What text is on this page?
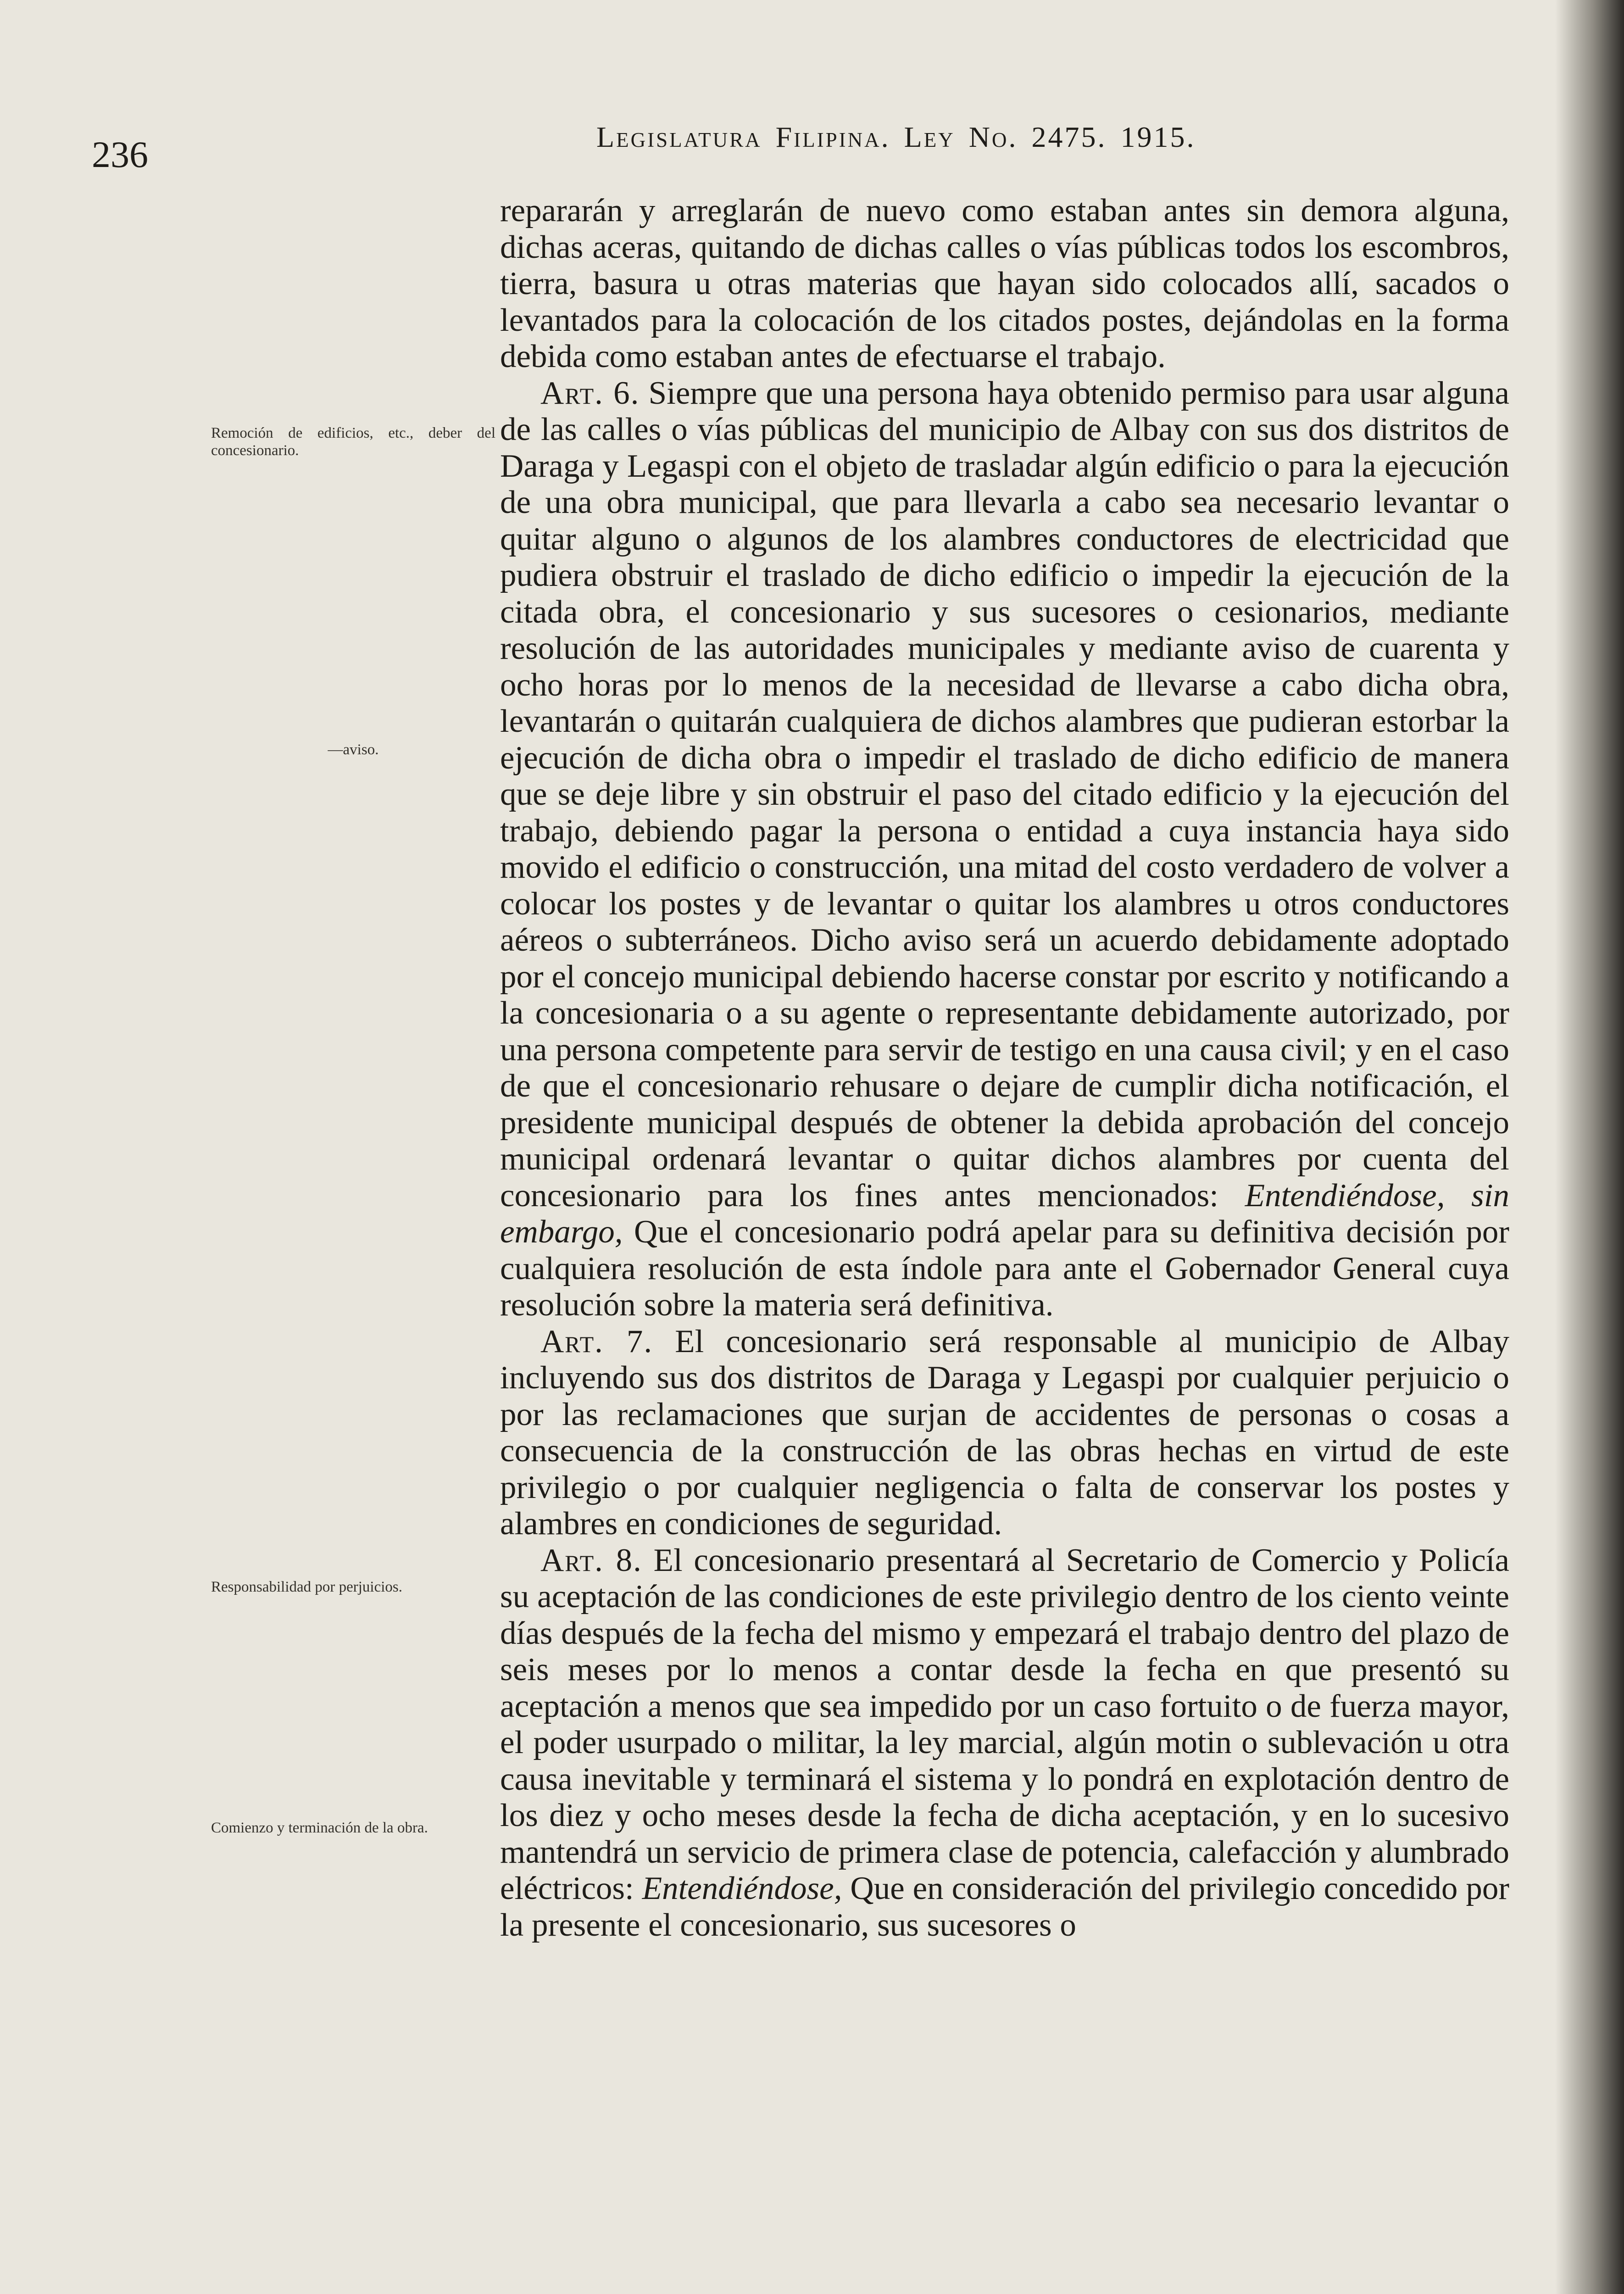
236	Legislatura Filipina. Ley No. 2475. 1915.
Remoción de edificios, etc., deber del concesionario.
—aviso.
Responsabilidad por perjuicios.
Comienzo y terminación de la obra.

repararán y arreglarán de nuevo como estaban antes sin demora alguna, dichas aceras, quitando de dichas calles o vías públicas todos los escombros, tierra, basura u otras materias que hayan sido colocados allí, sacados o levantados para la colocación de los citados postes, dejándolas en la forma debida como estaban antes de efectuarse el trabajo.

Art. 6. Siempre que una persona haya obtenido permiso para usar alguna de las calles o vías públicas del municipio de Albay con sus dos distritos de Daraga y Legaspi con el objeto de trasladar algún edificio o para la ejecución de una obra municipal, que para llevarla a cabo sea necesario levantar o quitar alguno o algunos de los alambres conductores de electricidad que pudiera obstruir el traslado de dicho edificio o impedir la ejecución de la citada obra, el concesionario y sus sucesores o cesionarios, mediante resolución de las autoridades municipales y mediante aviso de cuarenta y ocho horas por lo menos de la necesidad de llevarse a cabo dicha obra, levantarán o quitarán cualquiera de dichos alambres que pudieran estorbar la ejecución de dicha obra o impedir el traslado de dicho edificio de manera que se deje libre y sin obstruir el paso del citado edificio y la ejecución del trabajo, debiendo pagar la persona o entidad a cuya instancia haya sido movido el edificio o construcción, una mitad del costo verdadero de volver a colocar los postes y de levantar o quitar los alambres u otros conductores aéreos o subterráneos. Dicho aviso será un acuerdo debidamente adoptado por el concejo municipal debiendo hacerse constar por escrito y notificando a la concesionaria o a su agente o representante debidamente autorizado, por una persona competente para servir de testigo en una causa civil; y en el caso de que el concesionario rehusare o dejare de cumplir dicha notificación, el presidente municipal después de obtener la debida aprobación del concejo municipal ordenará levantar o quitar dichos alambres por cuenta del concesionario para los fines antes mencionados: Entendiéndose, sin embargo, Que el concesionario podrá apelar para su definitiva decisión por cualquiera resolución de esta índole para ante el Gobernador General cuya resolución sobre la materia será definitiva.

Art. 7. El concesionario será responsable al municipio de Albay incluyendo sus dos distritos de Daraga y Legaspi por cualquier perjuicio o por las reclamaciones que surjan de accidentes de personas o cosas a consecuencia de la construcción de las obras hechas en virtud de este privilegio o por cualquier negligencia o falta de conservar los postes y alambres en condiciones de seguridad.

Art. 8. El concesionario presentará al Secretario de Comercio y Policía su aceptación de las condiciones de este privilegio dentro de los ciento veinte días después de la fecha del mismo y empezará el trabajo dentro del plazo de seis meses por lo menos a contar desde la fecha en que presentó su aceptación a menos que sea impedido por un caso fortuito o de fuerza mayor, el poder usurpado o militar, la ley marcial, algún motin o sublevación u otra causa inevitable y terminará el sistema y lo pondrá en explotación dentro de los diez y ocho meses desde la fecha de dicha aceptación, y en lo sucesivo mantendrá un servicio de primera clase de potencia, calefacción y alumbrado eléctricos: Entendiéndose, Que en consideración del privilegio concedido por la presente el concesionario, sus sucesores o
